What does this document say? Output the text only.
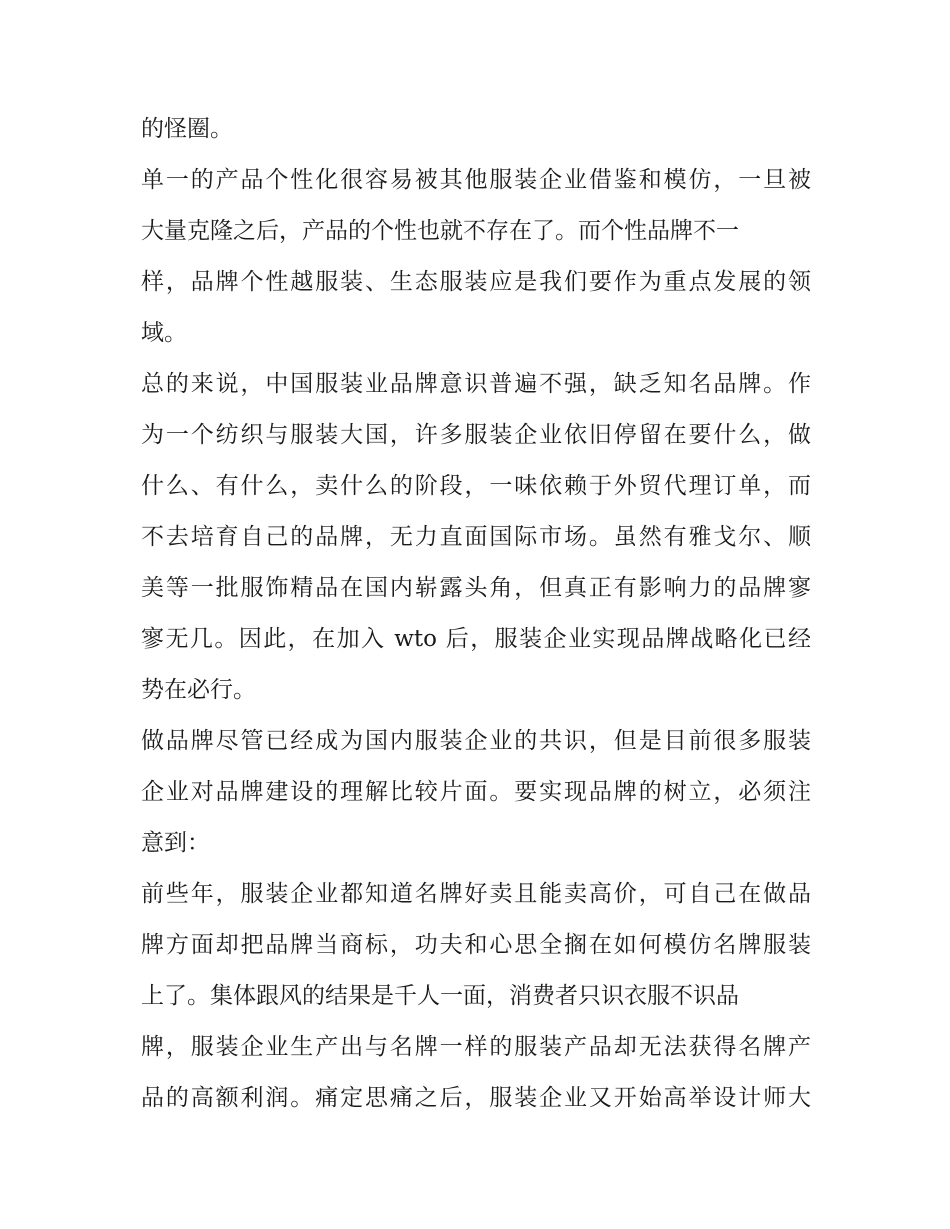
的怪圈。
单一的产品个性化很容易被其他服装企业借鉴和模仿，一旦被
大量克隆之后，产品的个性也就不存在了。而个性品牌不一
样，品牌个性越服装、生态服装应是我们要作为重点发展的领
域。
总的来说，中国服装业品牌意识普遍不强，缺乏知名品牌。作
为一个纺织与服装大国，许多服装企业依旧停留在要什么，做
什么、有什么，卖什么的阶段，一味依赖于外贸代理订单，而
不去培育自己的品牌，无力直面国际市场。虽然有雅戈尔、顺
美等一批服饰精品在国内崭露头角，但真正有影响力的品牌寥
寥无几。因此，在加入 wto 后，服装企业实现品牌战略化已经
势在必行。
做品牌尽管已经成为国内服装企业的共识，但是目前很多服装
企业对品牌建设的理解比较片面。要实现品牌的树立，必须注
意到：
前些年，服装企业都知道名牌好卖且能卖高价，可自己在做品
牌方面却把品牌当商标，功夫和心思全搁在如何模仿名牌服装
上了。集体跟风的结果是千人一面，消费者只识衣服不识品
牌，服装企业生产出与名牌一样的服装产品却无法获得名牌产
品的高额利润。痛定思痛之后，服装企业又开始高举设计师大
